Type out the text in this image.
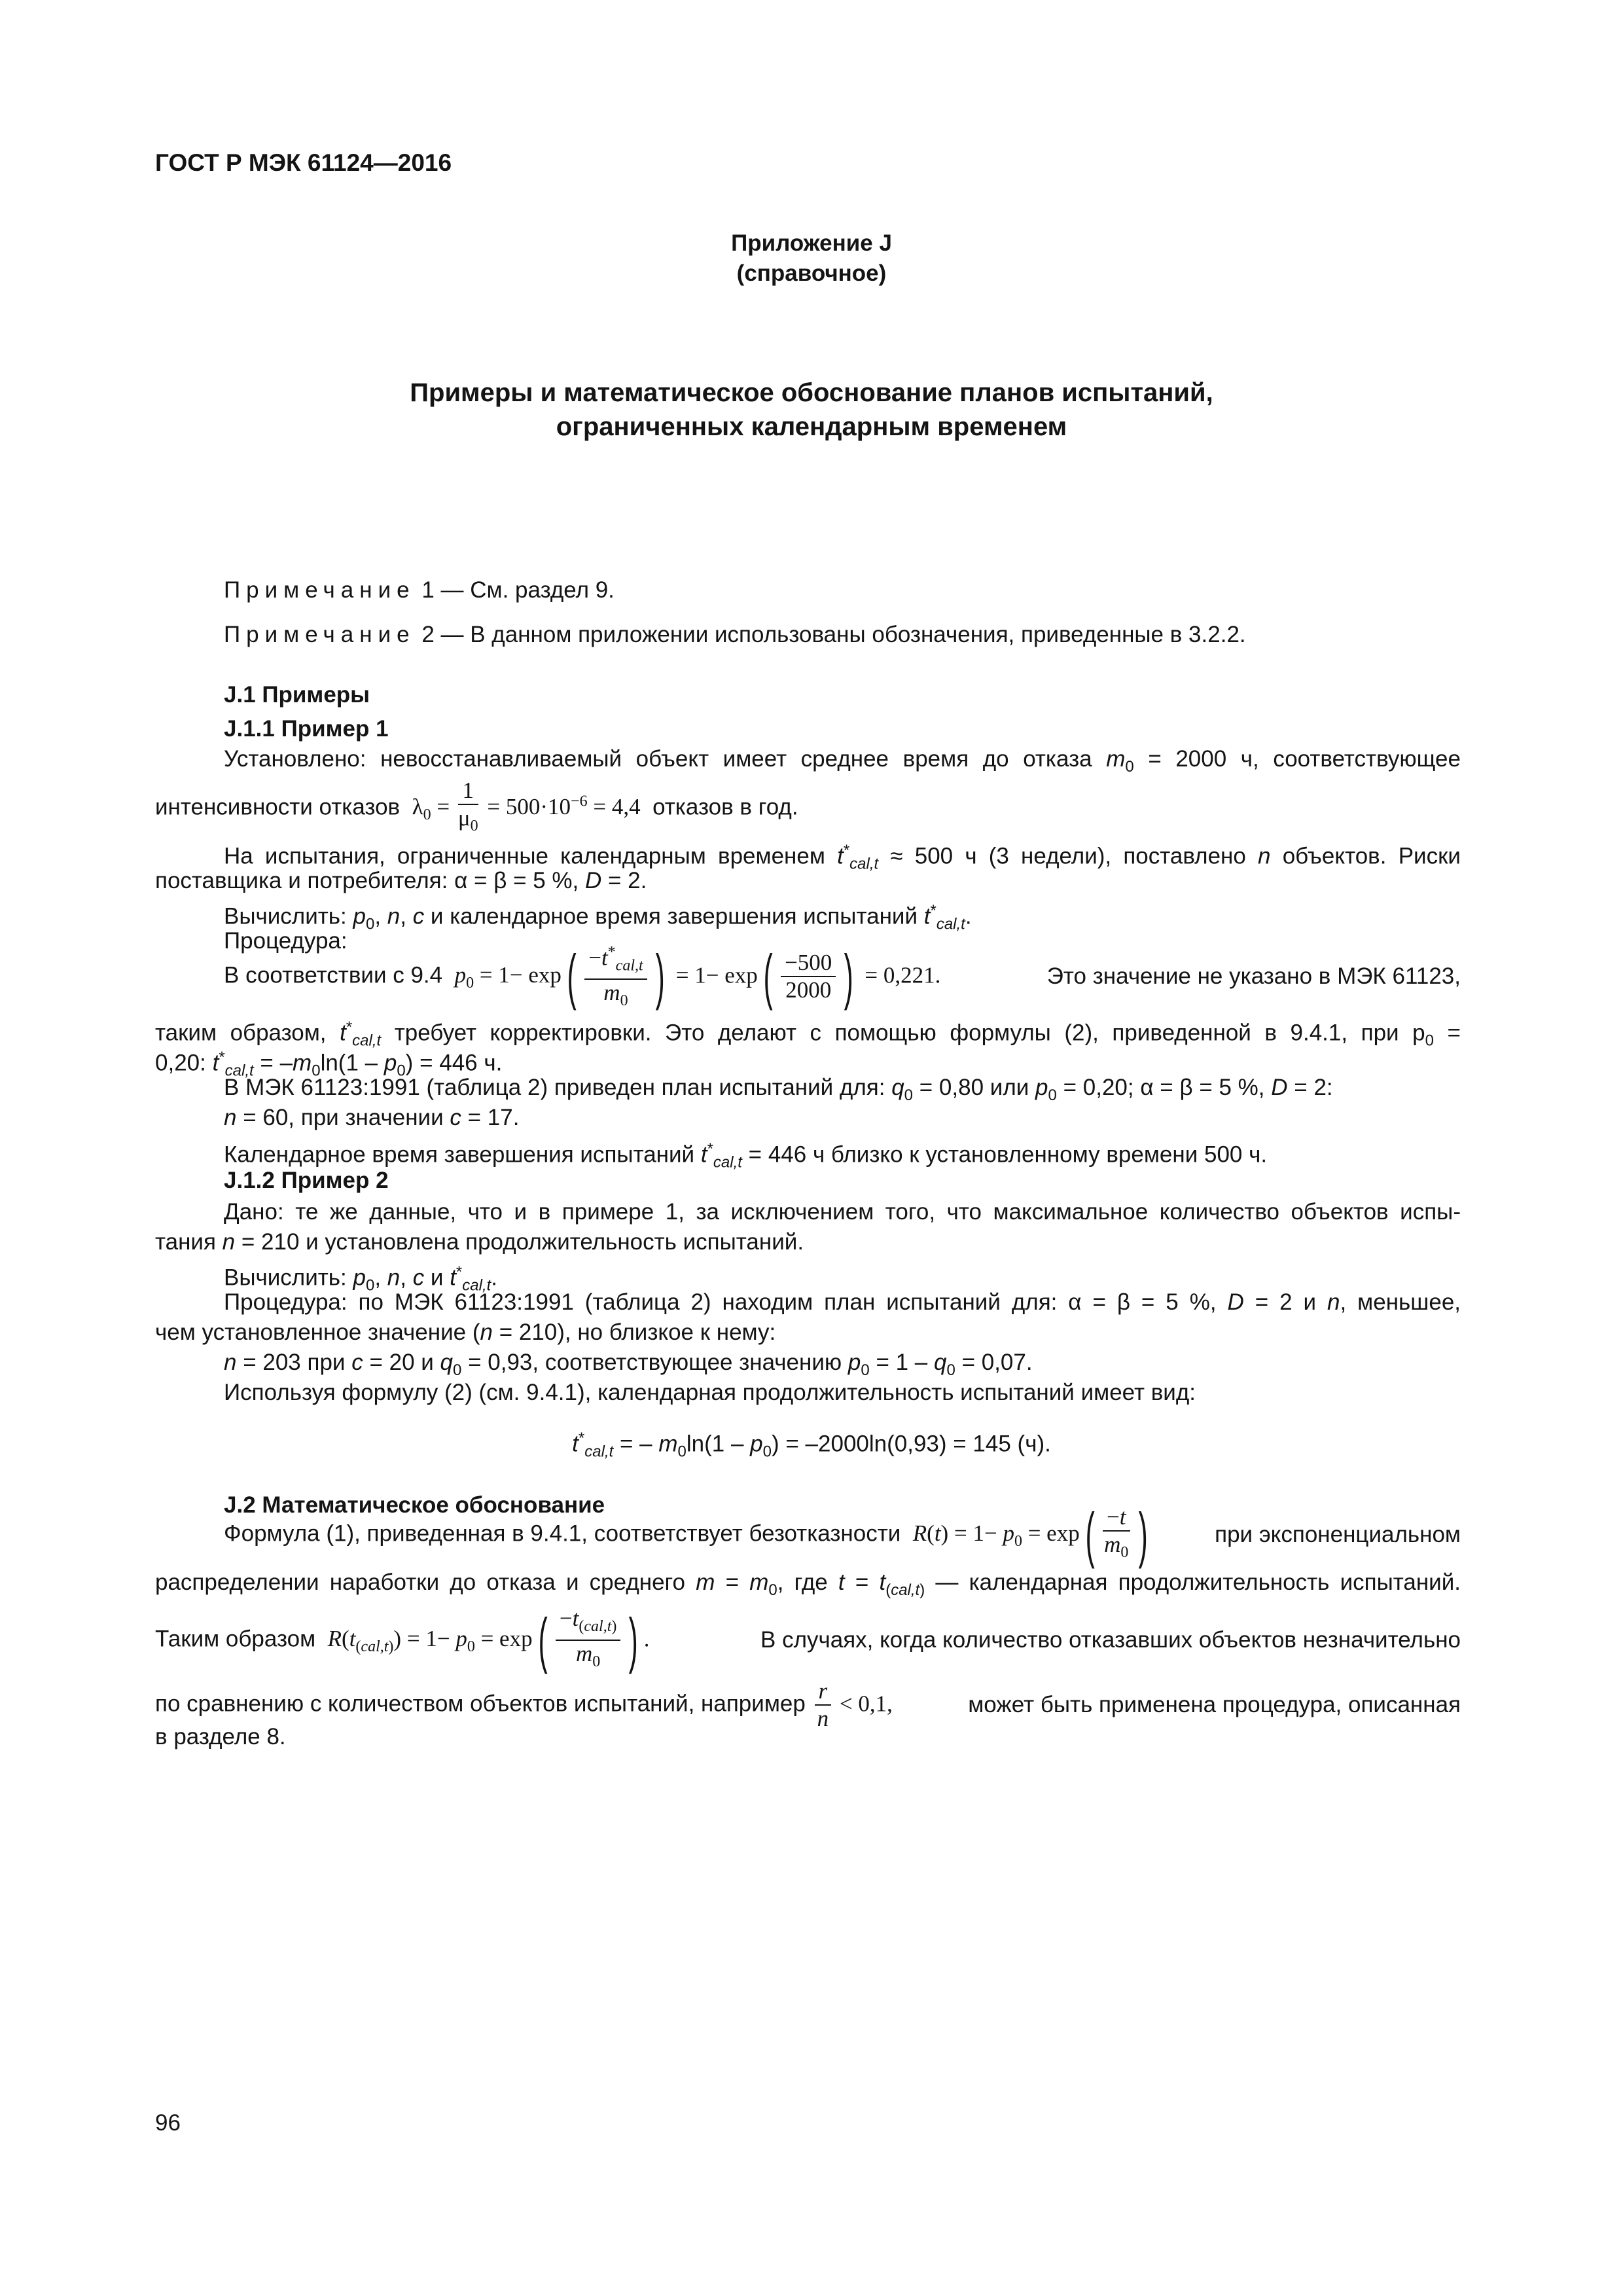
ГОСТ Р МЭК 61124—2016
Приложение J
(справочное)
Примеры и математическое обоснование планов испытаний,
ограниченных календарным временем
Примечание 1 — См. раздел 9.
Примечание 2 — В данном приложении использованы обозначения, приведенные в 3.2.2.
J.1 Примеры
J.1.1 Пример 1
Установлено: невосстанавливаемый объект имеет среднее время до отказа $m_0 = 2000$ ч, соответствующее
интенсивности отказов  $\lambda_0 = \frac{1}{\mu_0} = 500\cdot 10^{-6} = 4,4$  отказов в год.
На испытания, ограниченные календарным временем $t^*_{cal,t} \approx 500$ ч (3 недели), поставлено n объектов. Риски
поставщика и потребителя: α = β = 5 %, D = 2.
Вычислить: $p_0$, n, c и календарное время завершения испытаний $t^*_{cal,t}$.
Процедура:
В соответствии с 9.4 $p_0 = 1- \exp( \frac{-t^*_{cal,t}}{m_0}$ ) = $1- \exp( \frac{-500}{2000}$ ) = 0,221.	Это значение не указано в МЭК 61123,
таким образом, $t^*_{cal,t}$ требует корректировки. Это делают с помощью формулы (2), приведенной в 9.4.1, при $p_0$ =
0,20: $t^*_{cal,t} = -m_0\ln(1 - p_0) = 446$ ч.
В МЭК 61123:1991 (таблица 2) приведен план испытаний для: $q_0 = 0,80$ или $p_0 = 0,20$; α = β = 5 %, D = 2:
n = 60, при значении c = 17.
Календарное время завершения испытаний $t^*_{cal,t} = 446$ ч близко к установленному времени 500 ч.
J.1.2 Пример 2
Дано: те же данные, что и в примере 1, за исключением того, что максимальное количество объектов испы-
тания n = 210 и установлена продолжительность испытаний.
Вычислить: $p_0$, n, c и $t^*_{cal,t}$.
Процедура: по МЭК 61123:1991 (таблица 2) находим план испытаний для: α = β = 5 %, D = 2 и n, меньшее,
чем установленное значение (n = 210), но близкое к нему:
n = 203 при c = 20 и $q_0 = 0,93$, соответствующее значению $p_0 = 1 - q_0 = 0,07$.
Используя формулу (2) (см. 9.4.1), календарная продолжительность испытаний имеет вид:
$t^*_{cal,t}$ = – $m_0\ln(1 - p_0) = -2000\ln(0,93) = 145$ (ч).
J.2 Математическое обоснование
Формула (1), приведенная в 9.4.1, соответствует безотказности $R(t) = 1- p_0 = \exp( \frac{-t}{m_0}$ )	при экспоненциальном
распределении наработки до отказа и среднего $m = m_0$, где $t = t_{(cal,t)}$ — календарная продолжительность испытаний.
Таким образом $R(t_{(cal,t)}) = 1- p_0 = \exp( \frac{-t_{(cal,t)}}{m_0}$ ) .	В случаях, когда количество отказавших объектов незначительно
по сравнению с количеством объектов испытаний, например $\frac{r}{n} < 0,1$,	может быть применена процедура, описанная
в разделе 8.
96
